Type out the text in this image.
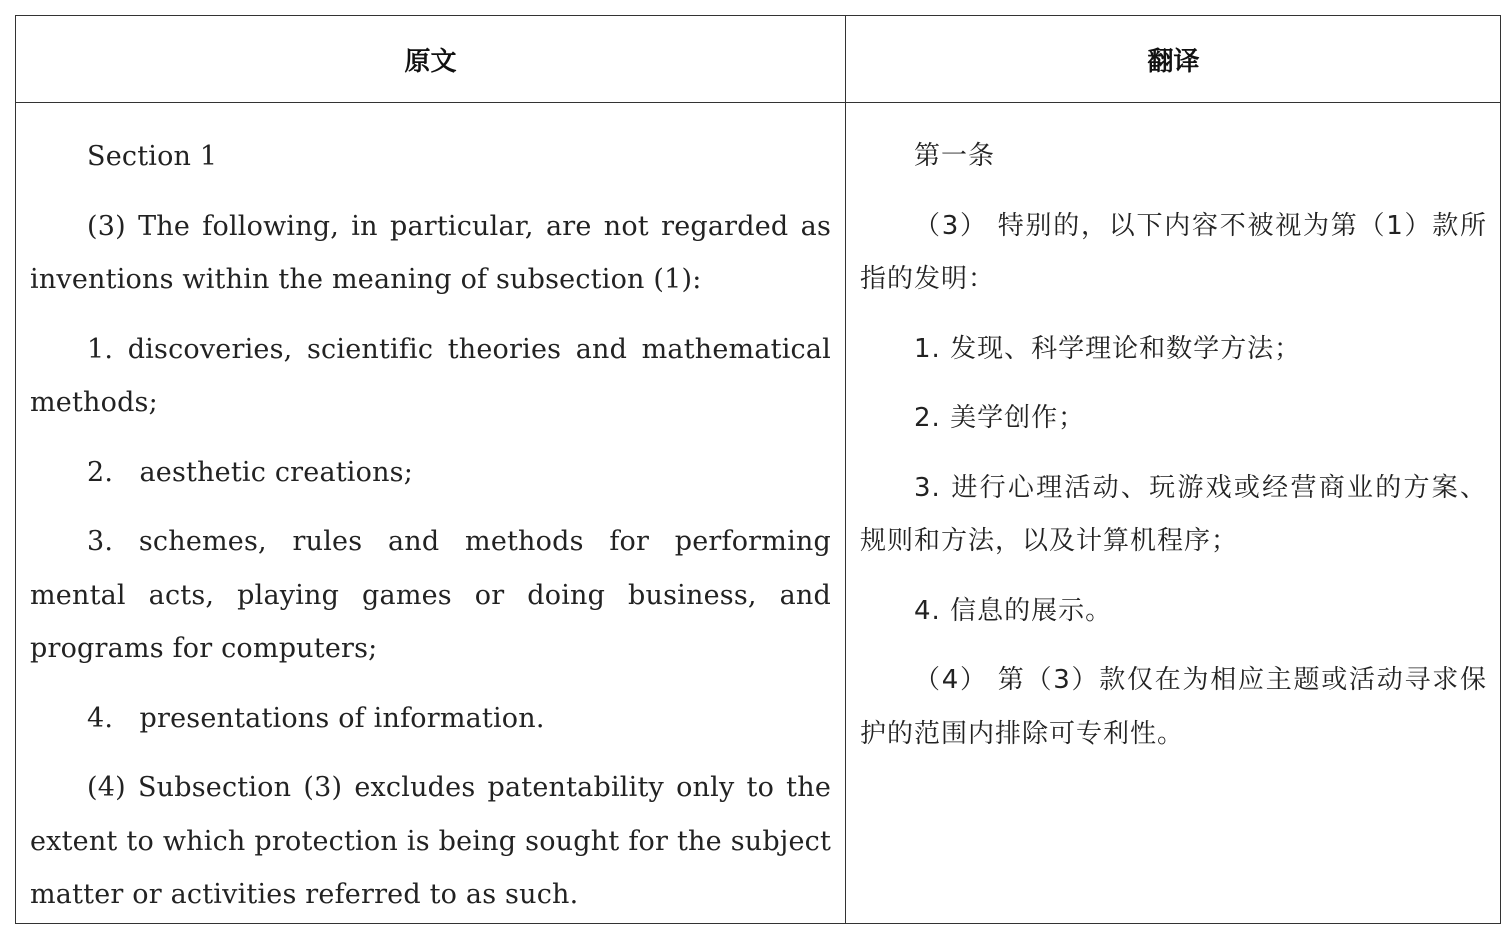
原文	翻译

Section 1

(3) The following, in particular, are not regarded as inventions within the meaning of subsection (1):

1. discoveries, scientific theories and mathematical methods;

2.   aesthetic creations;

3. schemes, rules and methods for performing mental acts, playing games or doing business, and programs for computers;

4.   presentations of information.

(4) Subsection (3) excludes patentability only to the extent to which protection is being sought for the subject matter or activities referred to as such.

第一条

（3） 特别的，以下内容不被视为第（1）款所指的发明：

1. 发现、科学理论和数学方法；

2. 美学创作；

3. 进行心理活动、玩游戏或经营商业的方案、规则和方法，以及计算机程序；

4. 信息的展示。

（4） 第（3）款仅在为相应主题或活动寻求保护的范围内排除可专利性。
